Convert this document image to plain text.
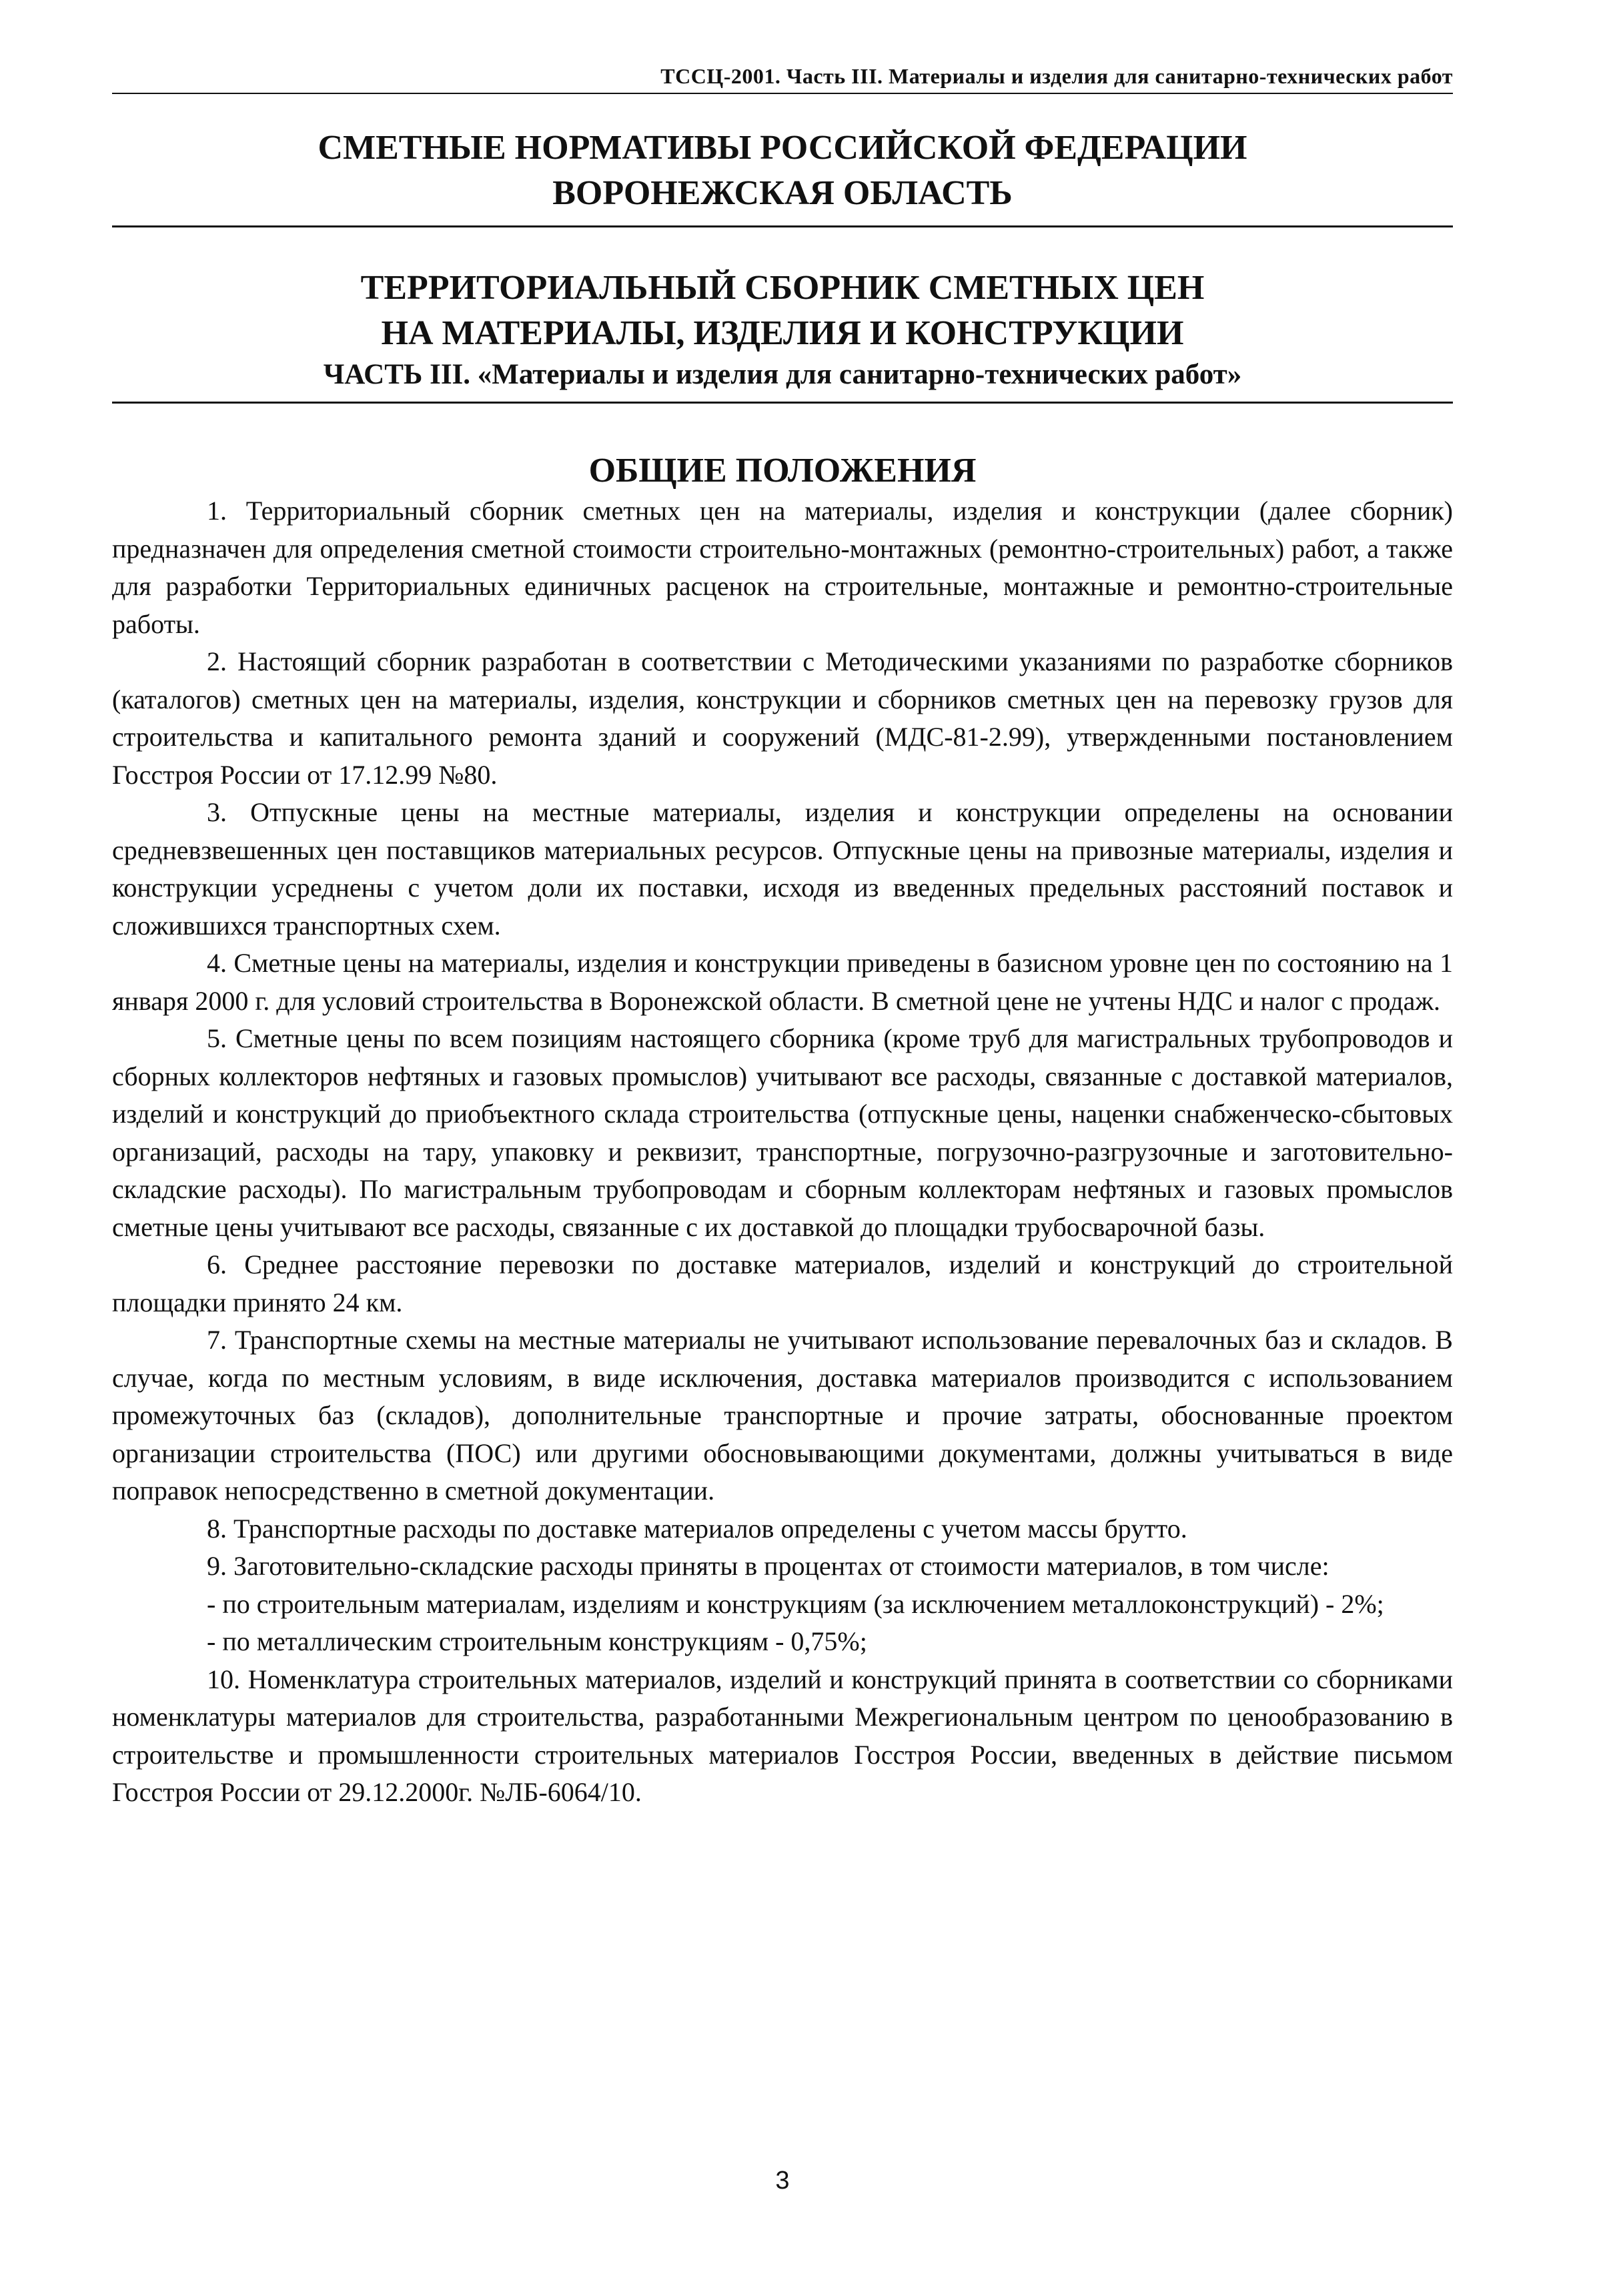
ТССЦ-2001. Часть III. Материалы и изделия для санитарно-технических работ
СМЕТНЫЕ НОРМАТИВЫ РОССИЙСКОЙ ФЕДЕРАЦИИ
ВОРОНЕЖСКАЯ ОБЛАСТЬ
ТЕРРИТОРИАЛЬНЫЙ СБОРНИК СМЕТНЫХ ЦЕН
НА МАТЕРИАЛЫ, ИЗДЕЛИЯ И КОНСТРУКЦИИ
ЧАСТЬ III. «Материалы и изделия для санитарно-технических работ»
ОБЩИЕ ПОЛОЖЕНИЯ

1. Территориальный сборник сметных цен на материалы, изделия и конструкции (далее сборник) предназначен для определения сметной стоимости строительно-монтажных (ремонтно-строительных) работ, а также для разработки Территориальных единичных расценок на строительные, монтажные и ремонтно-строительные работы.

2. Настоящий сборник разработан в соответствии с Методическими указаниями по разработке сборников (каталогов) сметных цен на материалы, изделия, конструкции и сборников сметных цен на перевозку грузов для строительства и капитального ремонта зданий и сооружений (МДС-81-2.99), утвержденными постановлением Госстроя России от 17.12.99 №80.

3. Отпускные цены на местные материалы, изделия и конструкции определены на основании средневзвешенных цен поставщиков материальных ресурсов. Отпускные цены на привозные материалы, изделия и конструкции усреднены с учетом доли их поставки, исходя из введенных предельных расстояний поставок и сложившихся транспортных схем.

4. Сметные цены на материалы, изделия и конструкции приведены в базисном уровне цен по состоянию на 1 января 2000 г. для условий строительства в Воронежской области. В сметной цене не учтены НДС и налог с продаж.

5. Сметные цены по всем позициям настоящего сборника (кроме труб для магистральных трубопроводов и сборных коллекторов нефтяных и газовых промыслов) учитывают все расходы, связанные с доставкой материалов, изделий и конструкций до приобъектного склада строительства (отпускные цены, наценки снабженческо-сбытовых организаций, расходы на тару, упаковку и реквизит, транспортные, погрузочно-разгрузочные и заготовительно-складские расходы). По магистральным трубопроводам и сборным коллекторам нефтяных и газовых промыслов сметные цены учитывают все расходы, связанные с их доставкой до площадки трубосварочной базы.

6. Среднее расстояние перевозки по доставке материалов, изделий и конструкций до строительной площадки принято 24 км.

7. Транспортные схемы на местные материалы не учитывают использование перевалочных баз и складов. В случае, когда по местным условиям, в виде исключения, доставка материалов производится с использованием промежуточных баз (складов), дополнительные транспортные и прочие затраты, обоснованные проектом организации строительства (ПОС) или другими обосновывающими документами, должны учитываться в виде поправок непосредственно в сметной документации.

8. Транспортные расходы по доставке материалов определены с учетом массы брутто.

9. Заготовительно-складские расходы приняты в процентах от стоимости материалов, в том числе:

- по строительным материалам, изделиям и конструкциям (за исключением металлоконструкций) - 2%;

- по металлическим строительным конструкциям - 0,75%;

10. Номенклатура строительных материалов, изделий и конструкций принята в соответствии со сборниками номенклатуры материалов для строительства, разработанными Межрегиональным центром по ценообразованию в строительстве и промышленности строительных материалов Госстроя России, введенных в действие письмом Госстроя России от 29.12.2000г. №ЛБ-6064/10.

3
